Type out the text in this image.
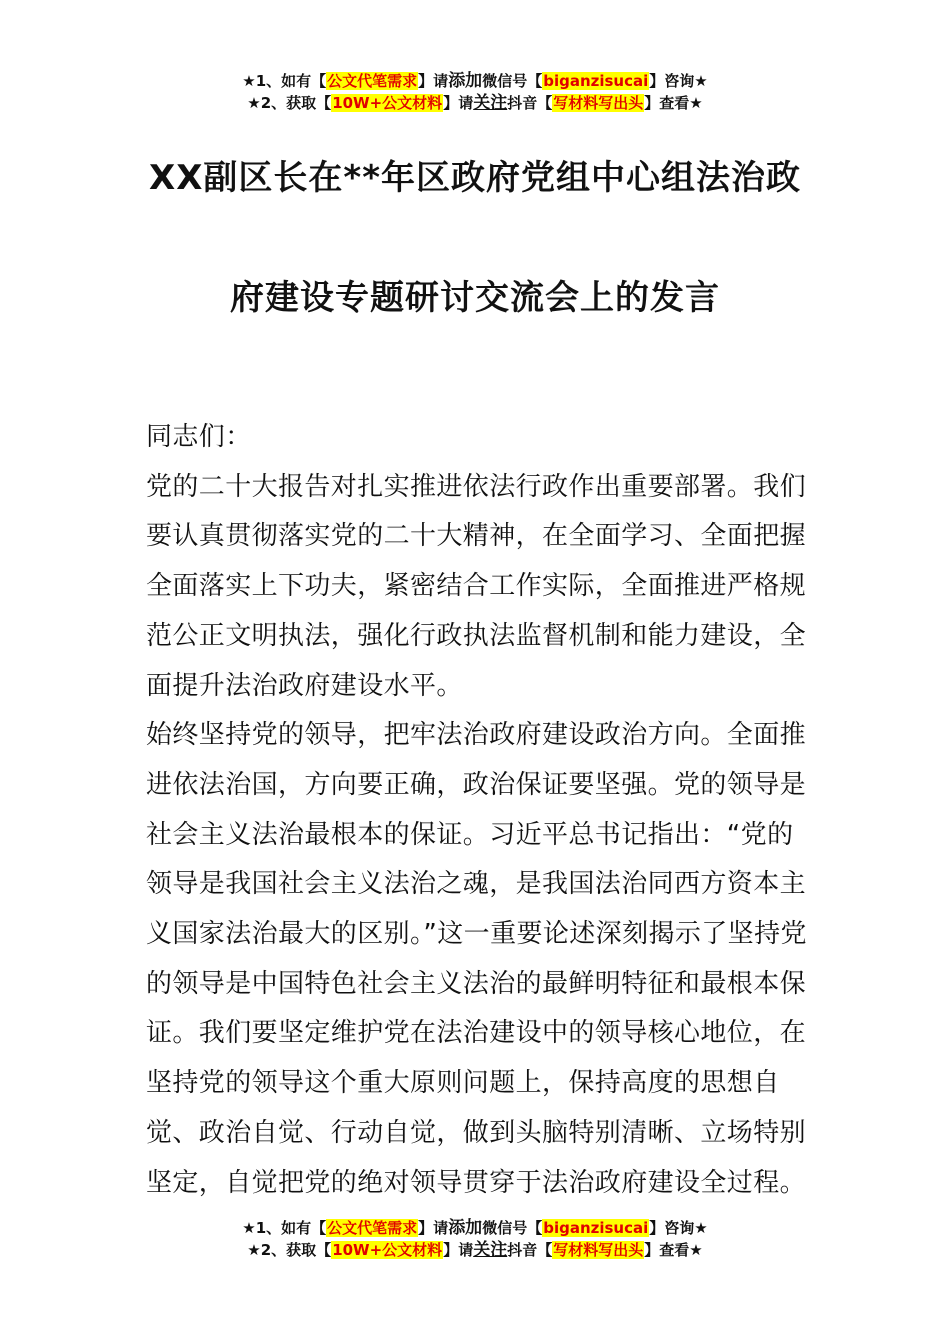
★1、如有【公文代笔需求】请添加微信号【biganzisucai】咨询★
★2、获取【10W+公文材料】请关注抖音【写材料写出头】查看★
XX副区长在**年区政府党组中心组法治政
府建设专题研讨交流会上的发言

同志们：

党的二十大报告对扎实推进依法行政作出重要部署。我们要认真贯彻落实党的二十大精神，在全面学习、全面把握全面落实上下功夫，紧密结合工作实际，全面推进严格规范公正文明执法，强化行政执法监督机制和能力建设，全面提升法治政府建设水平。

始终坚持党的领导，把牢法治政府建设政治方向。全面推进依法治国，方向要正确，政治保证要坚强。党的领导是社会主义法治最根本的保证。习近平总书记指出：“党的领导是我国社会主义法治之魂，是我国法治同西方资本主义国家法治最大的区别。”这一重要论述深刻揭示了坚持党的领导是中国特色社会主义法治的最鲜明特征和最根本保证。我们要坚定维护党在法治建设中的领导核心地位，在坚持党的领导这个重大原则问题上，保持高度的思想自觉、政治自觉、行动自觉，做到头脑特别清晰、立场特别坚定，自觉把党的绝对领导贯穿于法治政府建设全过程。

★1、如有【公文代笔需求】请添加微信号【biganzisucai】咨询★
★2、获取【10W+公文材料】请关注抖音【写材料写出头】查看★
